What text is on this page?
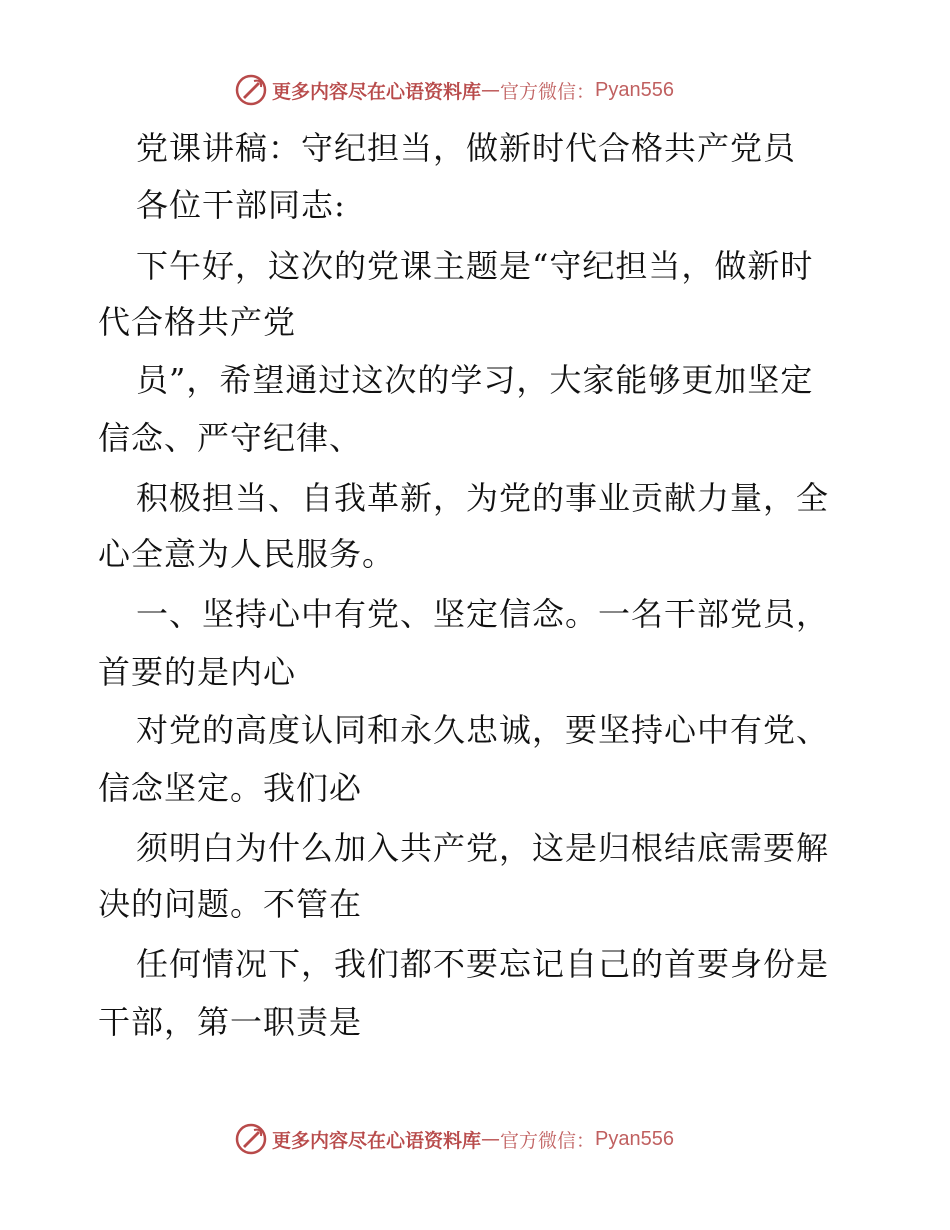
更多内容尽在心语资料库 — 官方微信： Pyan556
党课讲稿：守纪担当，做新时代合格共产党员
各位干部同志:
下午好，这次的党课主题是“守纪担当，做新时
代合格共产党
员”，希望通过这次的学习，大家能够更加坚定
信念、严守纪律、
积极担当、自我革新，为党的事业贡献力量，全
心全意为人民服务。
一、坚持心中有党、坚定信念。一名干部党员，
首要的是内心
对党的高度认同和永久忠诚，要坚持心中有党、
信念坚定。我们必
须明白为什么加入共产党，这是归根结底需要解
决的问题。不管在
任何情况下，我们都不要忘记自己的首要身份是
干部，第一职责是
更多内容尽在心语资料库 — 官方微信： Pyan556
